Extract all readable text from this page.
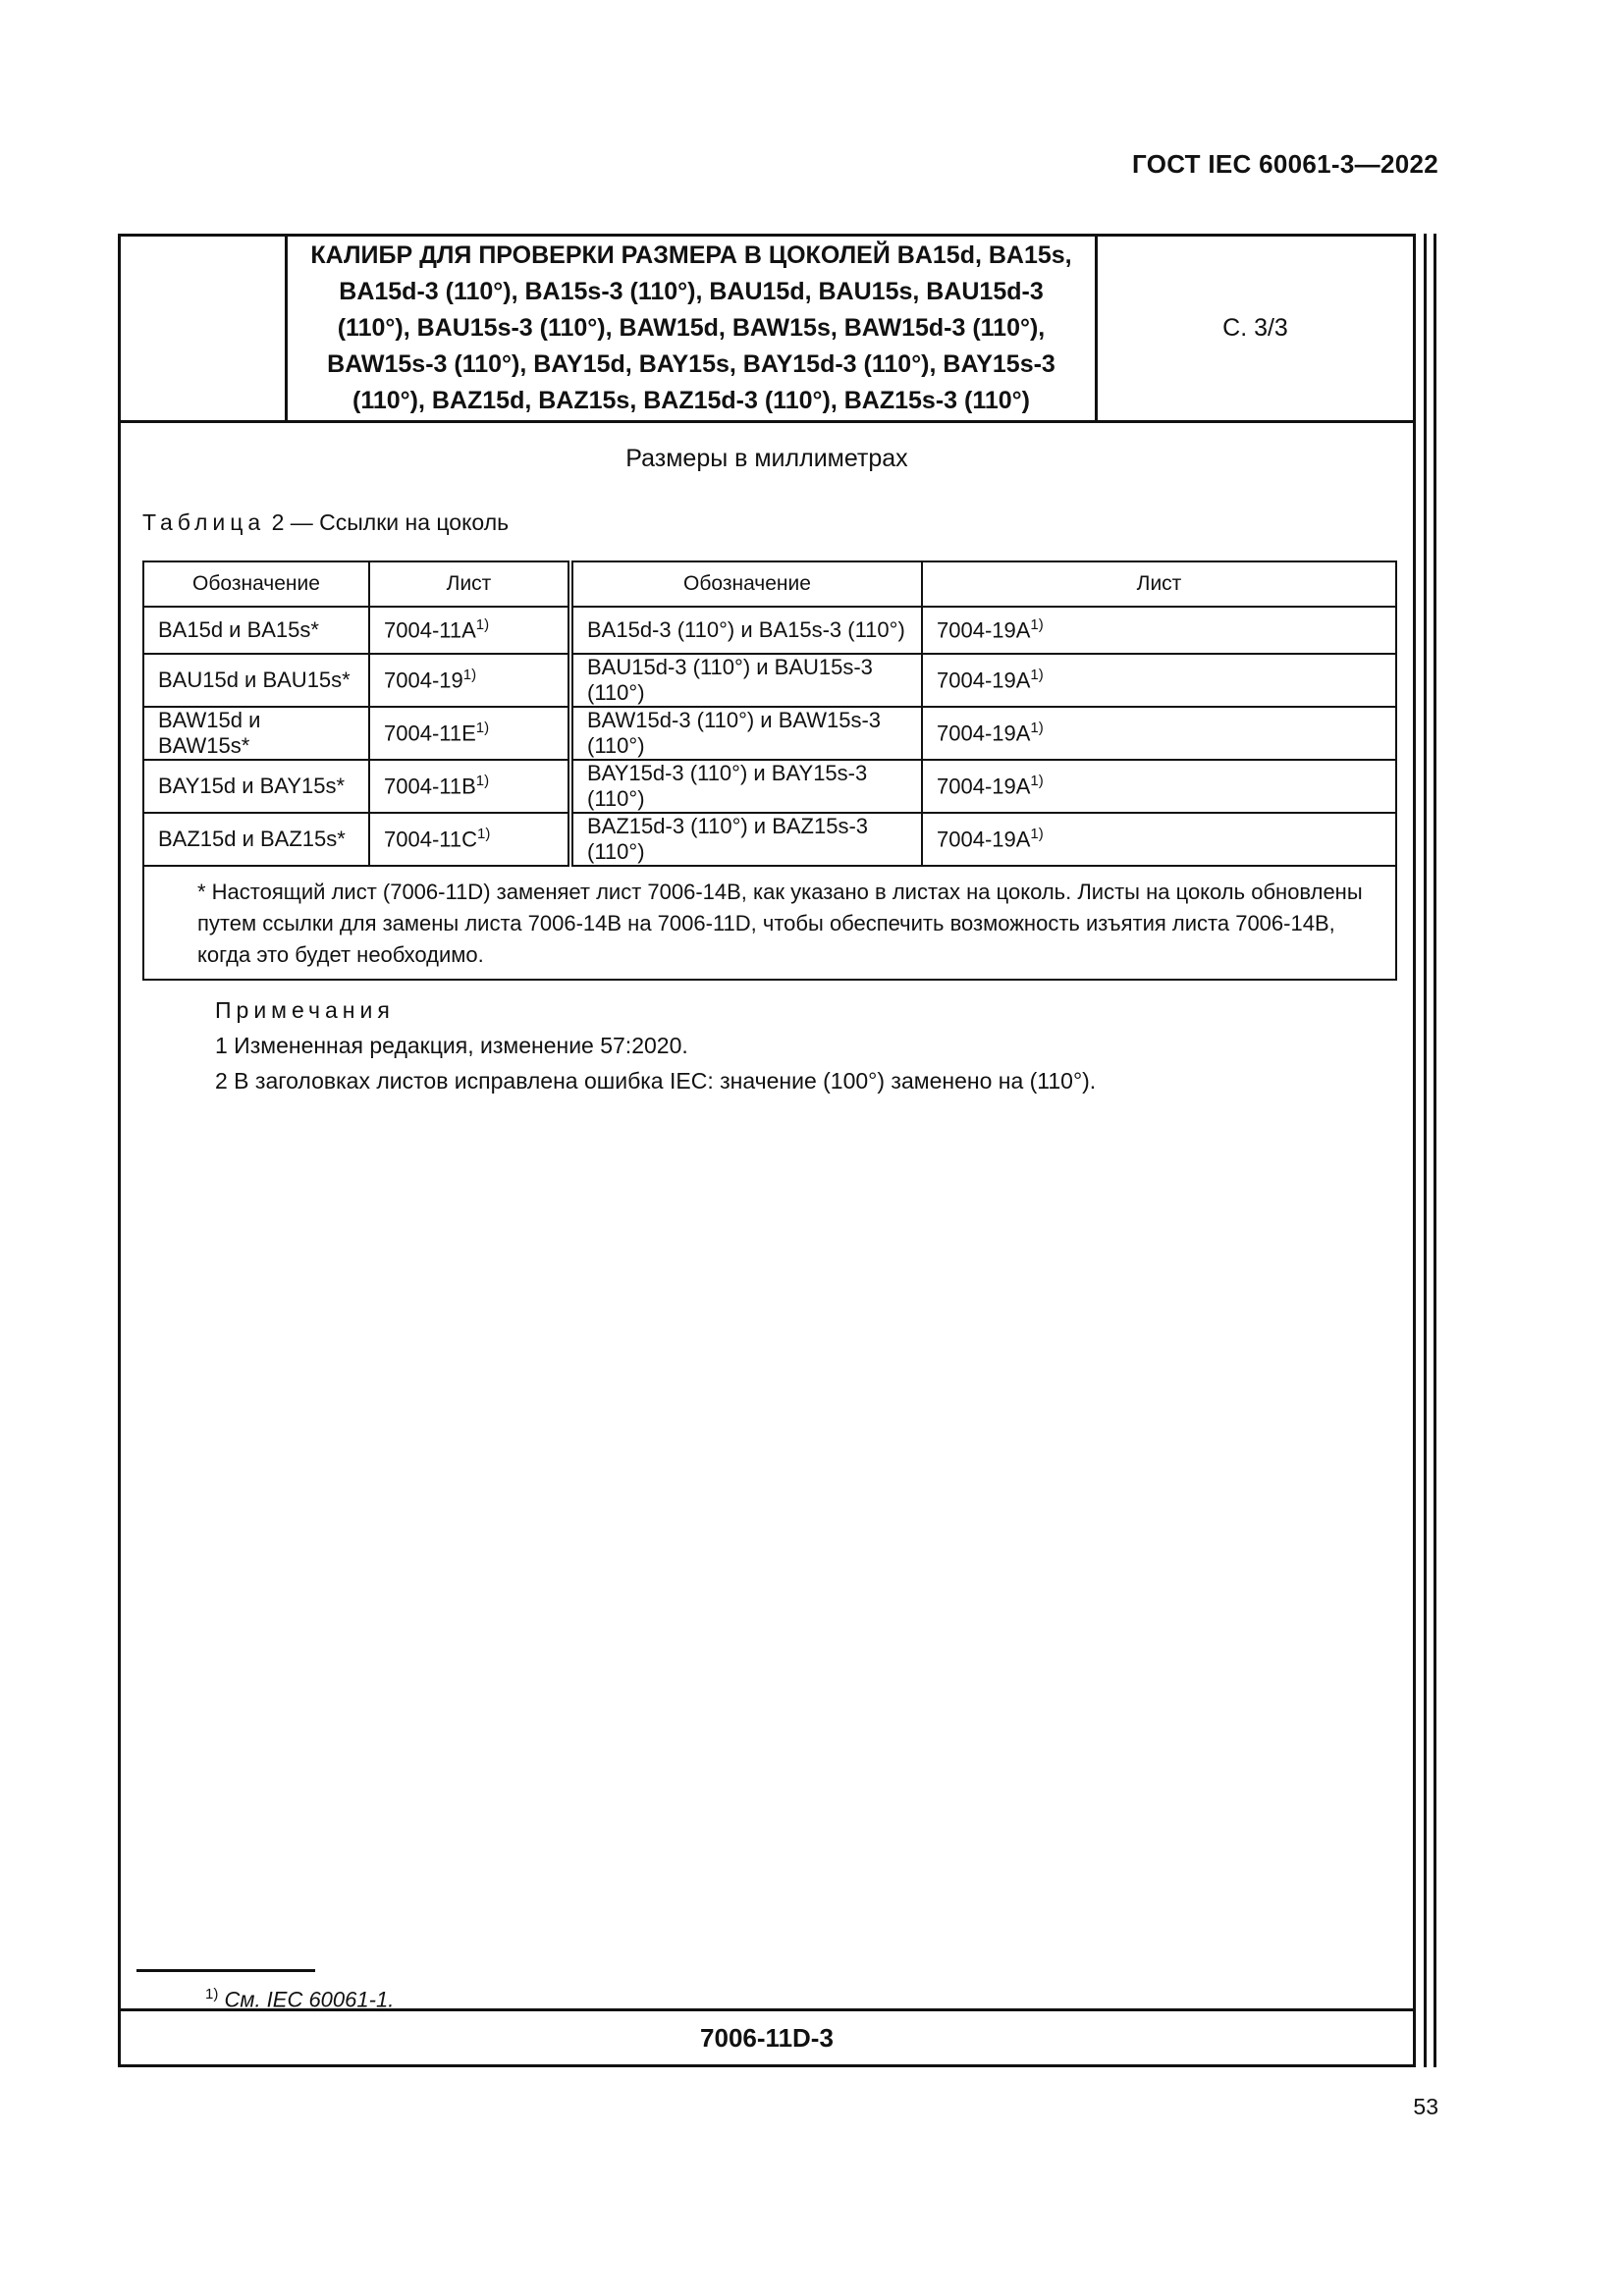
ГОСТ IEC 60061-3—2022
КАЛИБР ДЛЯ ПРОВЕРКИ РАЗМЕРА В ЦОКОЛЕЙ BA15d, BA15s, BA15d-3 (110°), BA15s-3 (110°), BAU15d, BAU15s, BAU15d-3 (110°), BAU15s-3 (110°), BAW15d, BAW15s, BAW15d-3 (110°), BAW15s-3 (110°), BAY15d, BAY15s, BAY15d-3 (110°), BAY15s-3 (110°), BAZ15d, BAZ15s, BAZ15d-3 (110°), BAZ15s-3 (110°)
С. 3/3
Размеры в миллиметрах
Таблица 2 — Ссылки на цоколь
Обозначение	Лист	Обозначение	Лист
BA15d и BA15s*	$7004-11A^{1)}$	BA15d-3 (110°) и BA15s-3 (110°)	$7004-19A^{1)}$
BAU15d и BAU15s*	7004-19$^{1)}$	BAU15d-3 (110°) и BAU15s-3 (110°)	$7004-19A^{1)}$
BAW15d и BAW15s*	$7004-11E^{1)}$	BAW15d-3 (110°) и BAW15s-3 (110°)	$7004-19A^{1)}$
BAY15d и BAY15s*	$7004-11B^{1)}$	BAY15d-3 (110°) и BAY15s-3 (110°)	$7004-19A^{1)}$
BAZ15d и BAZ15s*	$7004-11C^{1)}$	BAZ15d-3 (110°) и BAZ15s-3 (110°)	$7004-19A^{1)}$

* Настоящий лист (7006-11D) заменяет лист 7006-14B, как указано в листах на цоколь. Листы на цоколь обновлены путем ссылки для замены листа 7006-14B на 7006-11D, чтобы обеспечить возможность изъятия листа 7006-14B, когда это будет необходимо.			
Примечания
1 Измененная редакция, изменение 57:2020.
2 В заголовках листов исправлена ошибка IEC: значение (100°) заменено на (110°).
$^{1)}$ См. IEC 60061-1.
7006-11D-3
53
